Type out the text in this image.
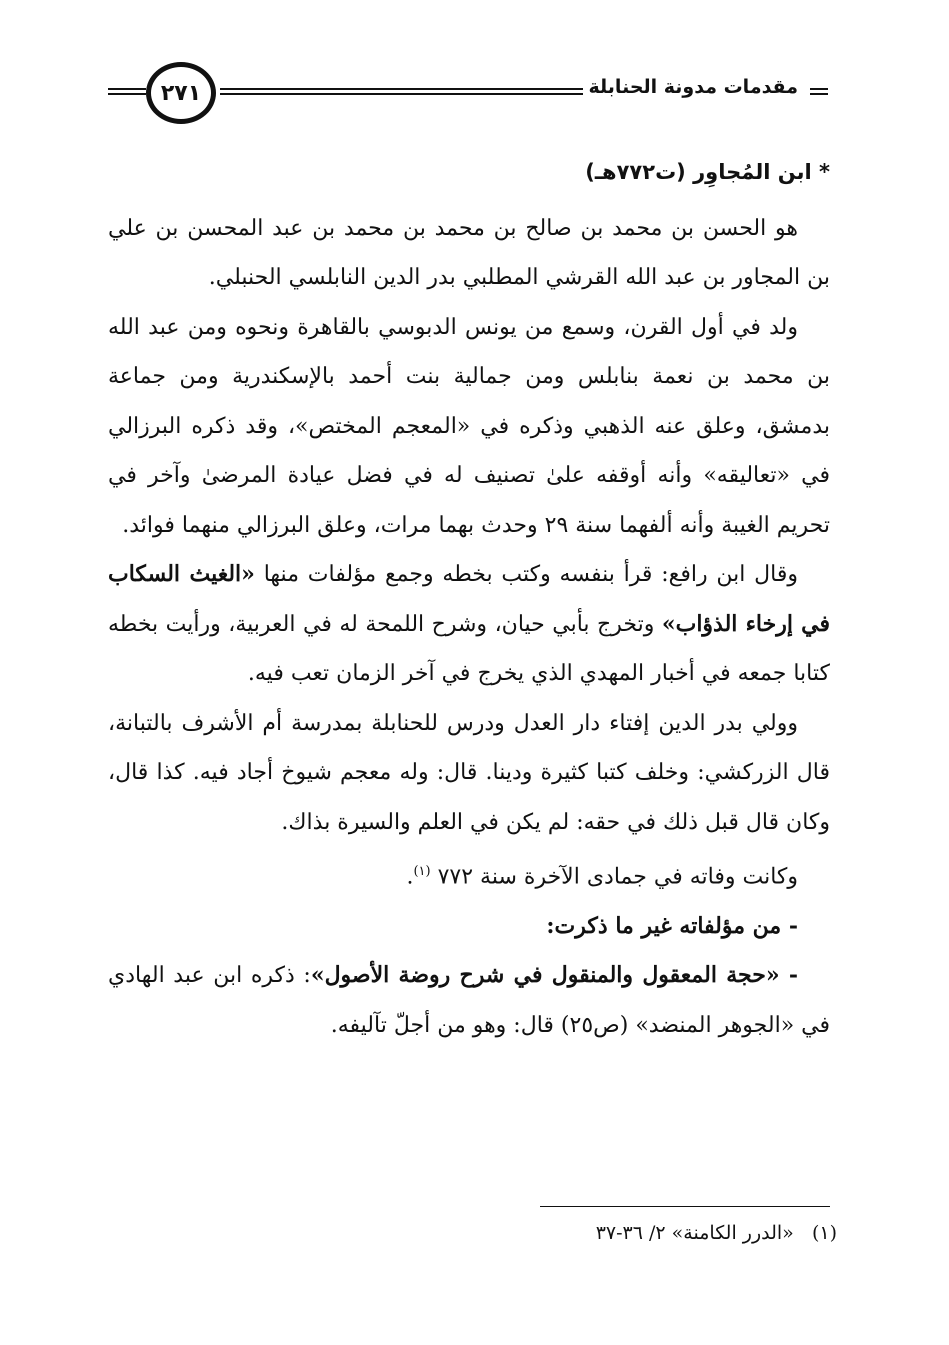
٢٧١	مقدمات مدونة الحنابلة

* ابن المُجاوِر (ت٧٧٢هـ)

هو الحسن بن محمد بن صالح بن محمد بن محمد بن عبد المحسن بن علي بن المجاور بن عبد الله القرشي المطلبي بدر الدين النابلسي الحنبلي.

ولد في أول القرن، وسمع من يونس الدبوسي بالقاهرة ونحوه ومن عبد الله بن محمد بن نعمة بنابلس ومن جمالية بنت أحمد بالإسكندرية ومن جماعة بدمشق، وعلق عنه الذهبي وذكره في «المعجم المختص»، وقد ذكره البرزالي في «تعاليقه» وأنه أوقفه علىٰ تصنيف له في فضل عيادة المرضىٰ وآخر في تحريم الغيبة وأنه ألفهما سنة ٢٩ وحدث بهما مرات، وعلق البرزالي منهما فوائد.

وقال ابن رافع: قرأ بنفسه وكتب بخطه وجمع مؤلفات منها «الغيث السكاب في إرخاء الذؤاب» وتخرج بأبي حيان، وشرح اللمحة له في العربية، ورأيت بخطه كتابا جمعه في أخبار المهدي الذي يخرج في آخر الزمان تعب فيه.

وولي بدر الدين إفتاء دار العدل ودرس للحنابلة بمدرسة أم الأشرف بالتبانة، قال الزركشي: وخلف كتبا كثيرة ودينا. قال: وله معجم شيوخ أجاد فيه. كذا قال، وكان قال قبل ذلك في حقه: لم يكن في العلم والسيرة بذاك.

وكانت وفاته في جمادى الآخرة سنة ٧٧٢ $^{(١)}$.

- من مؤلفاته غير ما ذكرت:

- «حجة المعقول والمنقول في شرح روضة الأصول»: ذكره ابن عبد الهادي في «الجوهر المنضد» (ص٢٥) قال: وهو من أجلّ تآليفه.

(١)   «الدرر الكامنة» ٢/ ٣٦-٣٧
